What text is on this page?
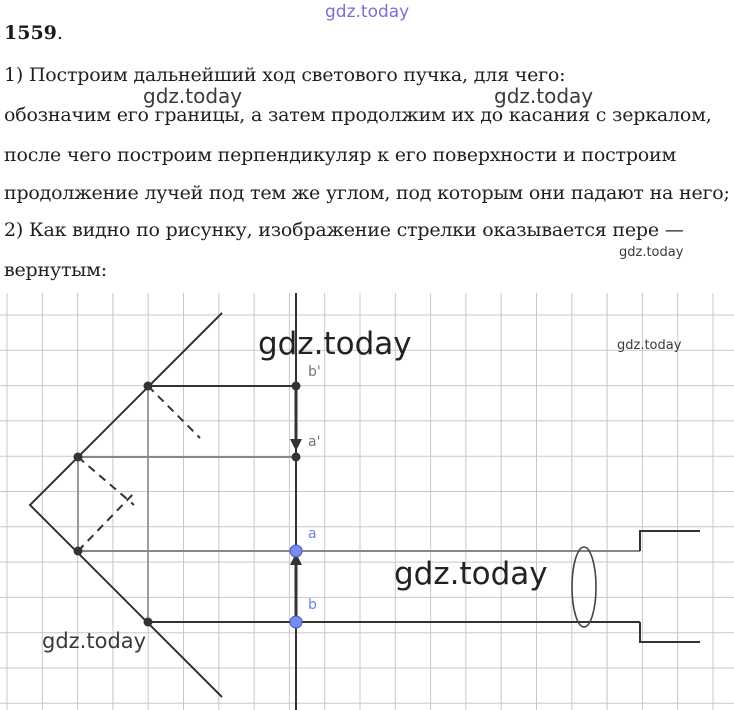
gdz.today
gdz.today	gdz.today
gdz.today
1559.
1) Построим дальнейший ход светового пучка, для чего:
обозначим его границы, а затем продолжим их до касания с зеркалом,
после чего построим перпендикуляр к его поверхности и построим
продолжение лучей под тем же углом, под которым они падают на него;
2) Как видно по рисунку, изображение стрелки оказывается пере —
вернутым:
b'
a'
a
b
gdz.today	gdz.today
gdz.today
gdz.today
